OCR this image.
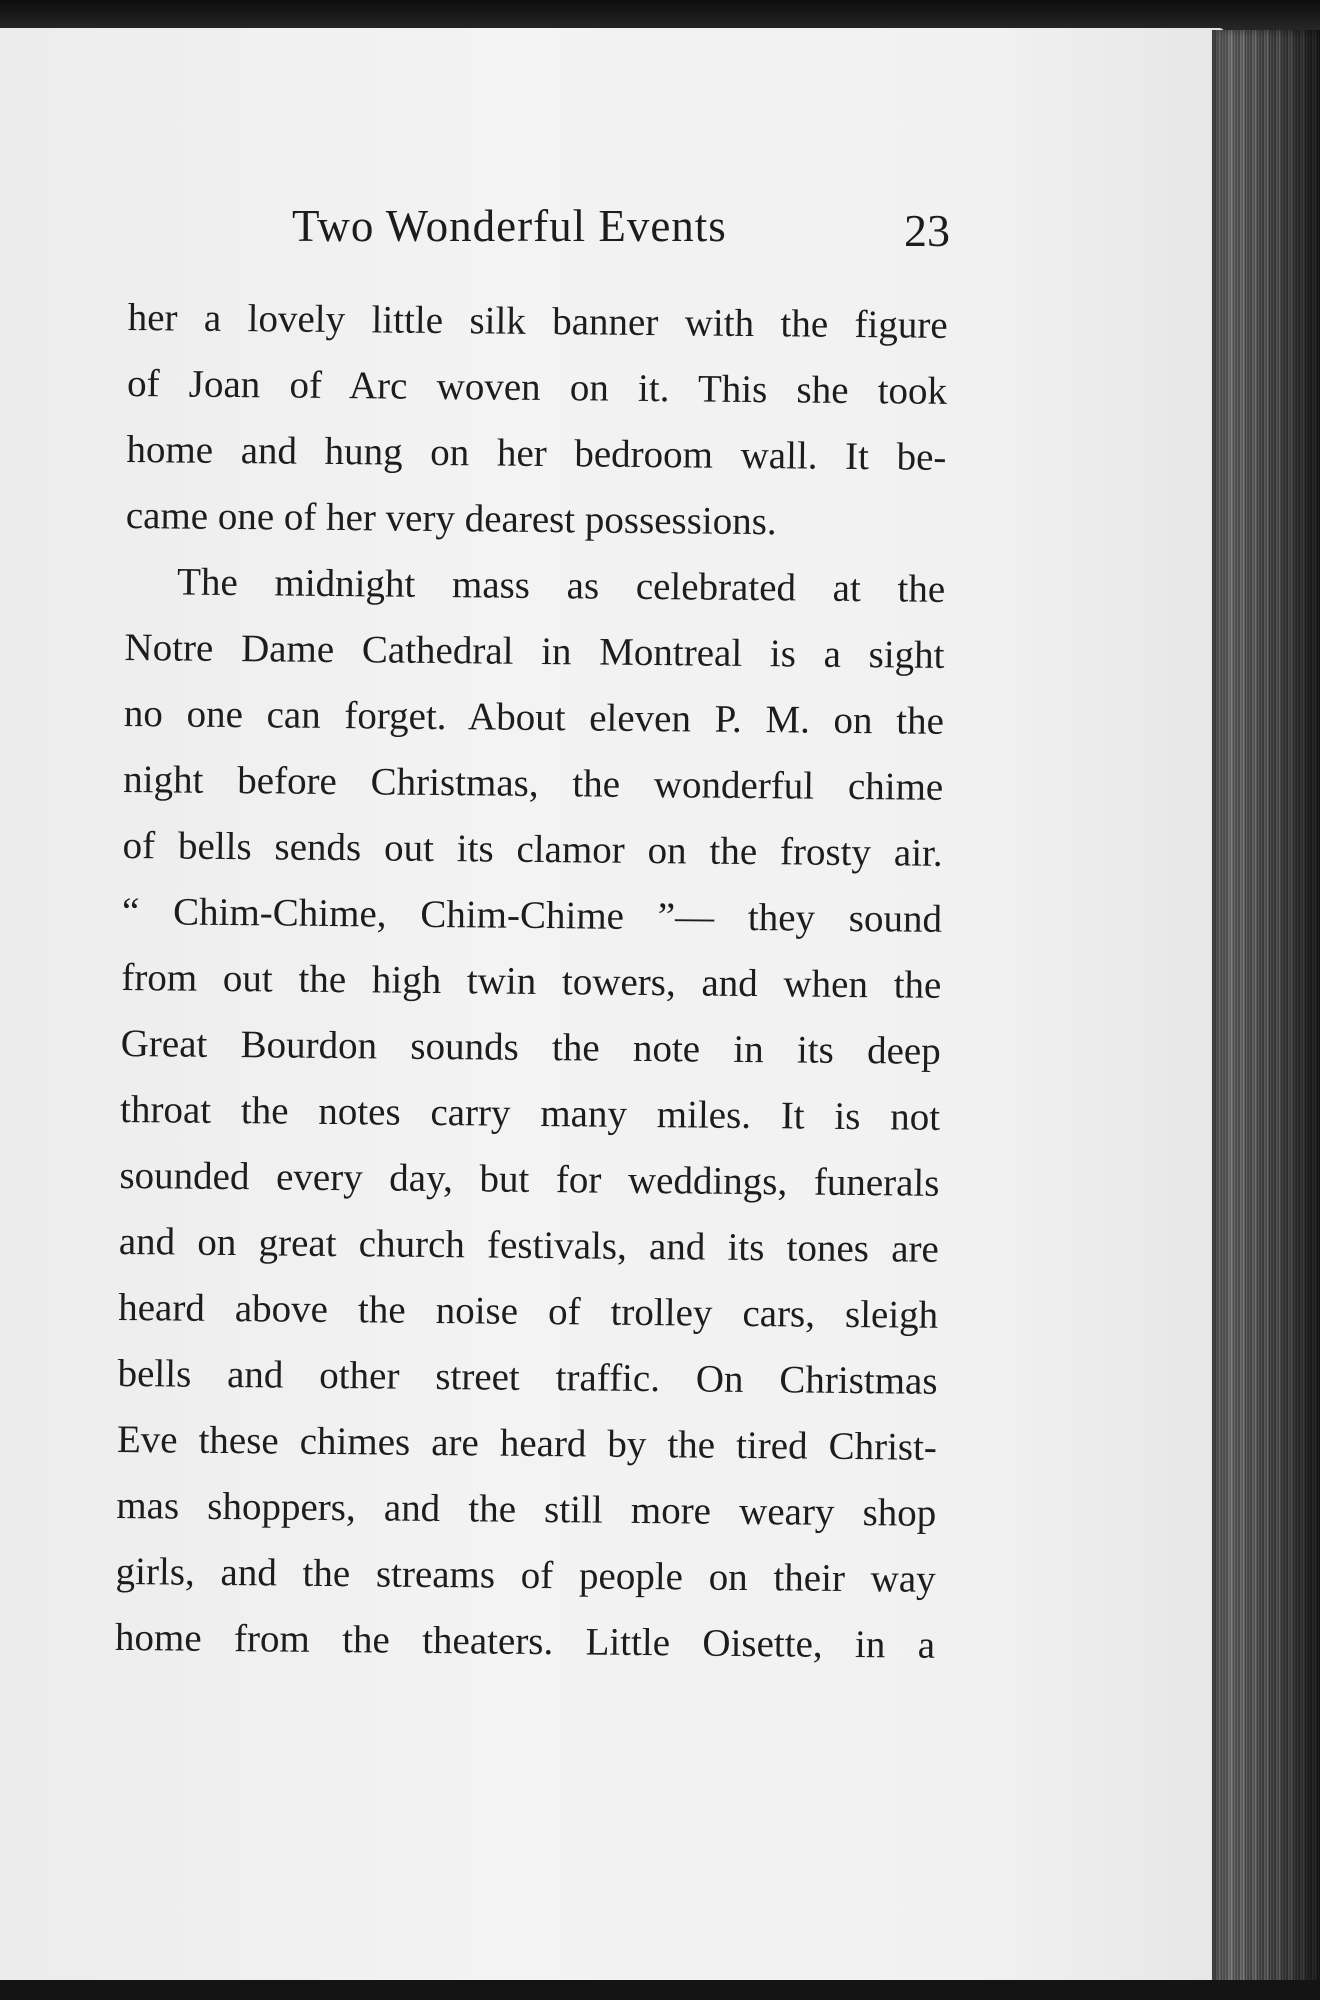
Two Wonderful Events	23
her a lovely little silk banner with the figure
of Joan of Arc woven on it. This she took
home and hung on her bedroom wall. It be-
came one of her very dearest possessions.
The midnight mass as celebrated at the
Notre Dame Cathedral in Montreal is a sight
no one can forget. About eleven P. M. on the
night before Christmas, the wonderful chime
of bells sends out its clamor on the frosty air.
“ Chim-Chime, Chim-Chime ”— they sound
from out the high twin towers, and when the
Great Bourdon sounds the note in its deep
throat the notes carry many miles. It is not
sounded every day, but for weddings, funerals
and on great church festivals, and its tones are
heard above the noise of trolley cars, sleigh
bells and other street traffic. On Christmas
Eve these chimes are heard by the tired Christ-
mas shoppers, and the still more weary shop
girls, and the streams of people on their way
home from the theaters. Little Oisette, in a
